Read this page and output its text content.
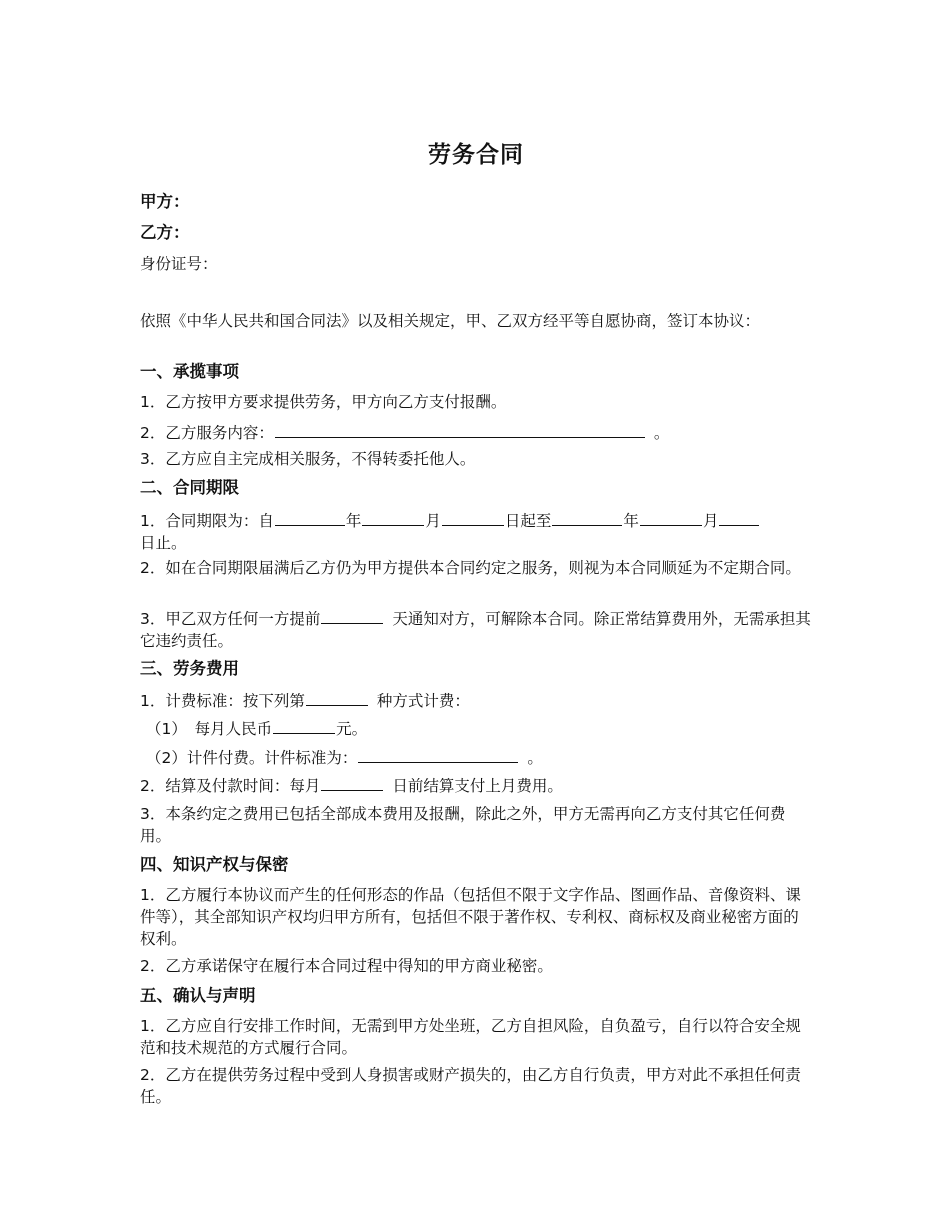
劳务合同
甲方：
乙方：
身份证号：
依照《中华人民共和国合同法》以及相关规定，甲、乙双方经平等自愿协商，签订本协议：
一、承揽事项
1．乙方按甲方要求提供劳务，甲方向乙方支付报酬。
2．乙方服务内容：	。
3．乙方应自主完成相关服务，不得转委托他人。
二、合同期限
1．合同期限为：自	年	月	日起至	年	月
日止。
2．如在合同期限届满后乙方仍为甲方提供本合同约定之服务，则视为本合同顺延为不定期合同。
3．甲乙双方任何一方提前	天通知对方，可解除本合同。除正常结算费用外，无需承担其它违约责任。
三、劳务费用
1．计费标准：按下列第	种方式计费：
（1）　每月人民币	元。
（2）计件付费。计件标准为：	。
2．结算及付款时间：每月	日前结算支付上月费用。
3．本条约定之费用已包括全部成本费用及报酬，除此之外，甲方无需再向乙方支付其它任何费用。
四、知识产权与保密
1．乙方履行本协议而产生的任何形态的作品（包括但不限于文字作品、图画作品、音像资料、课件等），其全部知识产权均归甲方所有，包括但不限于著作权、专利权、商标权及商业秘密方面的权利。
2．乙方承诺保守在履行本合同过程中得知的甲方商业秘密。
五、确认与声明
1．乙方应自行安排工作时间，无需到甲方处坐班，乙方自担风险，自负盈亏，自行以符合安全规范和技术规范的方式履行合同。
2．乙方在提供劳务过程中受到人身损害或财产损失的，由乙方自行负责，甲方对此不承担任何责任。
